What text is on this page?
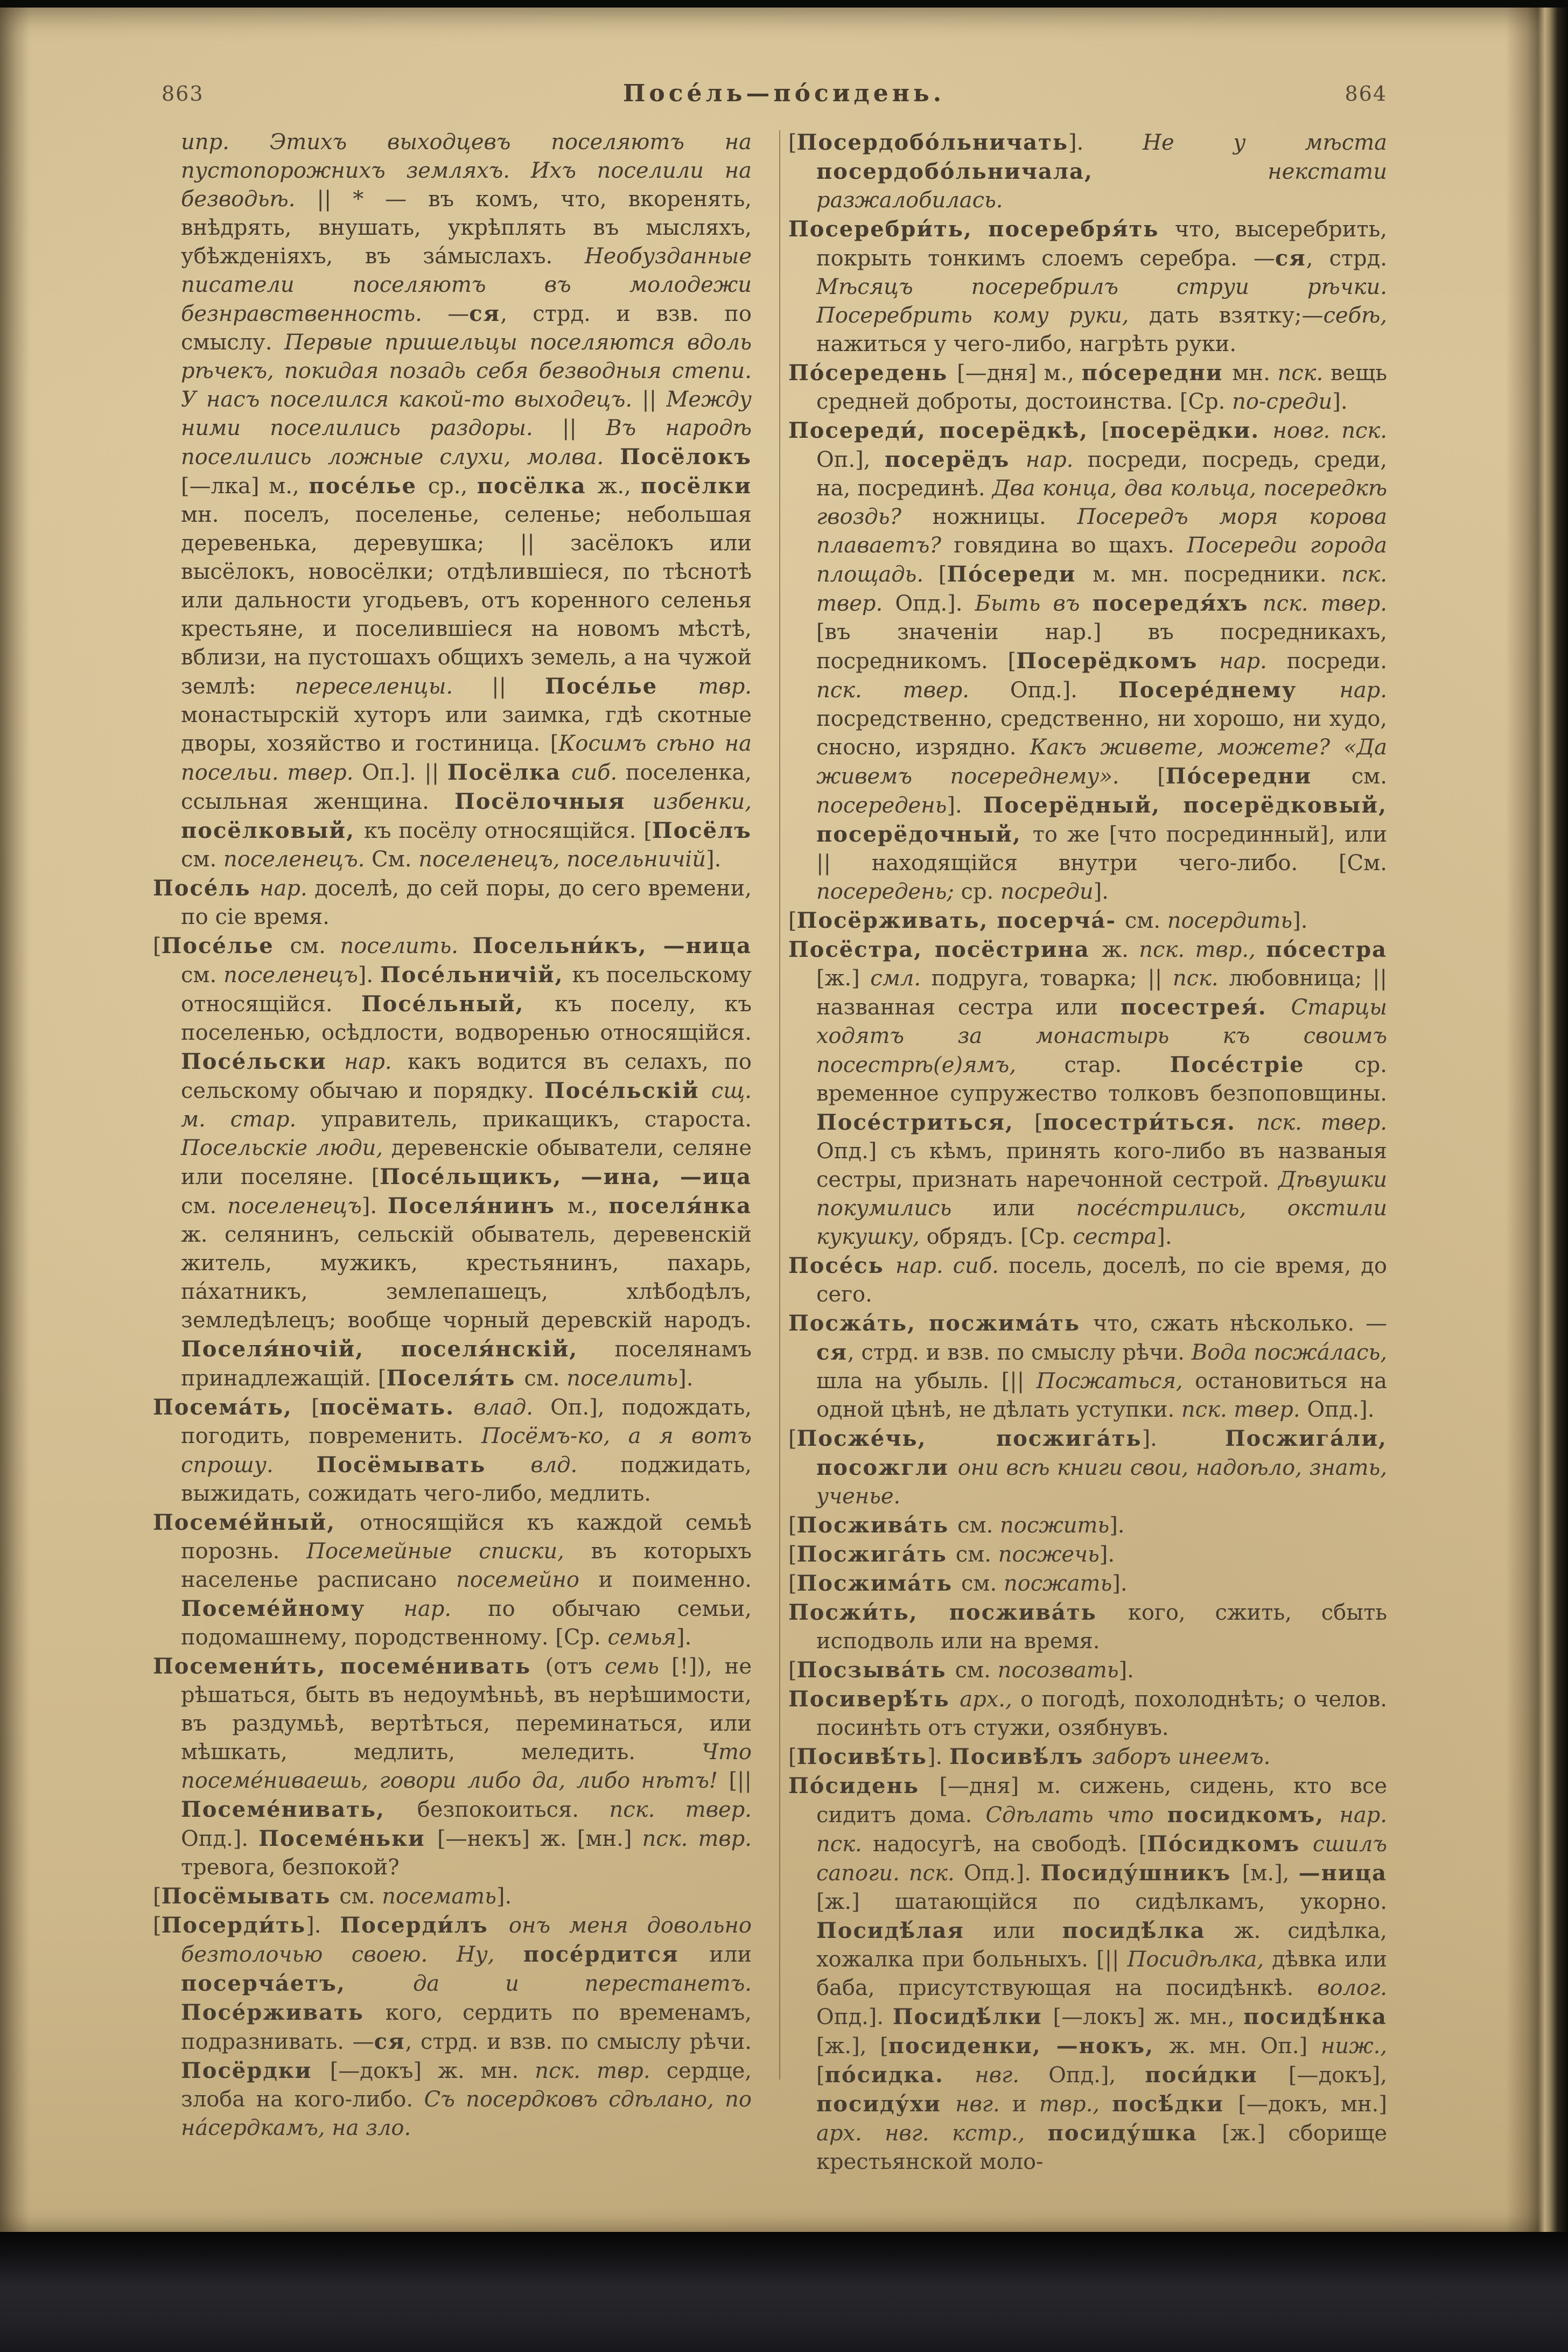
863	Посе́ль—по́сидень.	864
ипр. Этихъ выходцевъ поселяютъ на пустопорожнихъ земляхъ. Ихъ поселили на безводьѣ. || * — въ комъ, что, вкоренять, внѣдрять, внушать, укрѣплять въ мысляхъ, убѣжденіяхъ, въ за́мыслахъ. Необузданные писатели поселяютъ въ молодежи безнравственность. —ся, стрд. и взв. по смыслу. Первые пришельцы поселяются вдоль рѣчекъ, покидая позадь себя безводныя степи. У насъ поселился какой-то выходецъ. || Между ними поселились раздоры. || Въ народѣ поселились ложные слухи, молва. Посёлокъ [—лка] м., посе́лье ср., посёлка ж., посёлки мн. поселъ, поселенье, селенье; небольшая деревенька, деревушка; || засёлокъ или высёлокъ, новосёлки; отдѣлившіеся, по тѣснотѣ или дальности угодьевъ, отъ коренного селенья крестьяне, и поселившіеся на новомъ мѣстѣ, вблизи, на пустошахъ общихъ земель, а на чужой землѣ: переселенцы. || Посе́лье твр. монастырскій хуторъ или заимка, гдѣ скотные дворы, хозяйство и гостиница. [Косимъ сѣно на посельи. твер. Оп.]. || Посёлка сиб. поселенка, ссыльная женщина. Посёлочныя избенки, посёлковый, къ посёлу относящійся. [Посёлъ см. поселенецъ. См. поселенецъ, посельничій].
Посе́ль нар. доселѣ, до сей поры, до сего времени, по сіе время.
[Посе́лье см. поселить. Посельни́къ, —ница см. поселенецъ]. Посе́льничій, къ посельскому относящійся. Посе́льный, къ поселу, къ поселенью, осѣдлости, водворенью относящійся. Посе́льски нар. какъ водится въ селахъ, по сельскому обычаю и порядку. Посе́льскій сщ. м. стар. управитель, прикащикъ, староста. Посельскіе люди, деревенскіе обыватели, селяне или поселяне. [Посе́льщикъ, —ина, —ица см. поселенецъ]. Поселя́нинъ м., поселя́нка ж. селянинъ, сельскій обыватель, деревенскій житель, мужикъ, крестьянинъ, пахарь, па́хатникъ, землепашецъ, хлѣбодѣлъ, земледѣлецъ; вообще чорный деревскій народъ. Поселя́ночій, поселя́нскій, поселянамъ принадлежащій. [Поселя́ть см. поселить].
Посема́ть, [посёмать. влад. Оп.], подождать, погодить, повременить. Посёмъ-ко, а я вотъ спрошу. Посёмывать влд. поджидать, выжидать, сожидать чего-либо, медлить.
Посеме́йный, относящійся къ каждой семьѣ порознь. Посемейные списки, въ которыхъ населенье расписано посемейно и поименно. Посеме́йному нар. по обычаю семьи, подомашнему, породственному. [Ср. семья].
Посемени́ть, посеме́нивать (отъ семь [!]), не рѣшаться, быть въ недоумѣньѣ, въ нерѣшимости, въ раздумьѣ, вертѣться, переминаться, или мѣшкать, медлить, меледить. Что посеме́ниваешь, говори либо да, либо нѣтъ! [|| Посеме́нивать, безпокоиться. пск. твер. Опд.]. Посеме́ньки [—некъ] ж. [мн.] пск. твр. тревога, безпокой?
[Посёмывать см. посемать].
[Посерди́ть]. Посерди́лъ онъ меня довольно безтолочью своею. Ну, посе́рдится или посерча́етъ, да и перестанетъ. Посе́рживать кого, сердить по временамъ, подразнивать. —ся, стрд. и взв. по смыслу рѣчи. Посёрдки [—докъ] ж. мн. пск. твр. сердце, злоба на кого-либо. Съ посердковъ сдѣлано, по на́сердкамъ, на зло.
[Посердобо́льничать]. Не у мѣста посердобо́льничала, некстати разжалобилась.
Посеребри́ть, посеребря́ть что, высеребрить, покрыть тонкимъ слоемъ серебра. —ся, стрд. Мѣсяцъ посеребрилъ струи рѣчки. Посеребрить кому руки, дать взятку;—себѣ, нажиться у чего-либо, нагрѣть руки.
По́середень [—дня] м., по́середни мн. пск. вещь средней доброты, достоинства. [Ср. по-среди].
Посереди́, посерёдкѣ, [посерёдки. новг. пск. Оп.], посерёдъ нар. посреди, посредь, среди, на, посрединѣ. Два конца, два кольца, посередкѣ гвоздь? ножницы. Посередъ моря корова плаваетъ? говядина во щахъ. Посереди города площадь. [По́середи м. мн. посредники. пск. твер. Опд.]. Быть въ посередя́хъ пск. твер. [въ значеніи нар.] въ посредникахъ, посредникомъ. [Посерёдкомъ нар. посреди. пск. твер. Опд.]. Посере́днему нар. посредственно, средственно, ни хорошо, ни худо, сносно, изрядно. Какъ живете, можете? «Да живемъ посереднему». [По́середни см. посередень]. Посерёдный, посерёдковый, посерёдочный, то же [что посрединный], или || находящійся внутри чего-либо. [См. посередень; ср. посреди].
[Посёрживать, посерча́- см. посердить].
Посёстра, посёстрина ж. пск. твр., по́сестра [ж.] смл. подруга, товарка; || пск. любовница; || названная сестра или посестрея́. Старцы ходятъ за монастырь къ своимъ посестрѣ(е)ямъ, стар. Посе́стріе ср. временное супружество толковъ безпоповщины. Посе́стриться, [посестри́ться. пск. твер. Опд.] съ кѣмъ, принять кого-либо въ названыя сестры, признать наречонной сестрой. Дѣвушки покумились или посе́стрились, окстили кукушку, обрядъ. [Ср. сестра].
Посе́сь нар. сиб. посель, доселѣ, по сіе время, до сего.
Посжа́ть, посжима́ть что, сжать нѣсколько. —ся, стрд. и взв. по смыслу рѣчи. Вода посжа́лась, шла на убыль. [|| Посжаться, остановиться на одной цѣнѣ, не дѣлать уступки. пск. твер. Опд.].
[Посже́чь, посжига́ть]. Посжига́ли, посожгли они всѣ книги свои, надоѣло, знать, ученье.
[Посжива́ть см. посжить].
[Посжига́ть см. посжечь].
[Посжима́ть см. посжать].
Посжи́ть, посжива́ть кого, сжить, сбыть исподволь или на время.
[Посзыва́ть см. посозвать].
Посиверѣ́ть арх., о погодѣ, похолоднѣть; о челов. посинѣть отъ стужи, озябнувъ.
[Посивѣ́ть]. Посивѣ́лъ заборъ инеемъ.
По́сидень [—дня] м. сижень, сидень, кто все сидитъ дома. Сдѣлать что посидкомъ, нар. пск. надосугѣ, на свободѣ. [По́сидкомъ сшилъ сапоги. пск. Опд.]. Посиду́шникъ [м.], —ница [ж.] шатающійся по сидѣлкамъ, укорно. Посидѣ́лая или посидѣ́лка ж. сидѣлка, хожалка при больныхъ. [|| Посидѣлка, дѣвка или баба, присутствующая на посидѣнкѣ. волог. Опд.]. Посидѣ́лки [—локъ] ж. мн., посидѣ́нка [ж.], [посиденки, —нокъ, ж. мн. Оп.] ниж., [по́сидка. нвг. Опд.], поси́дки [—докъ], посиду́хи нвг. и твр., посѣ́дки [—докъ, мн.] арх. нвг. кстр., посиду́шка [ж.] сборище крестьянской моло-
